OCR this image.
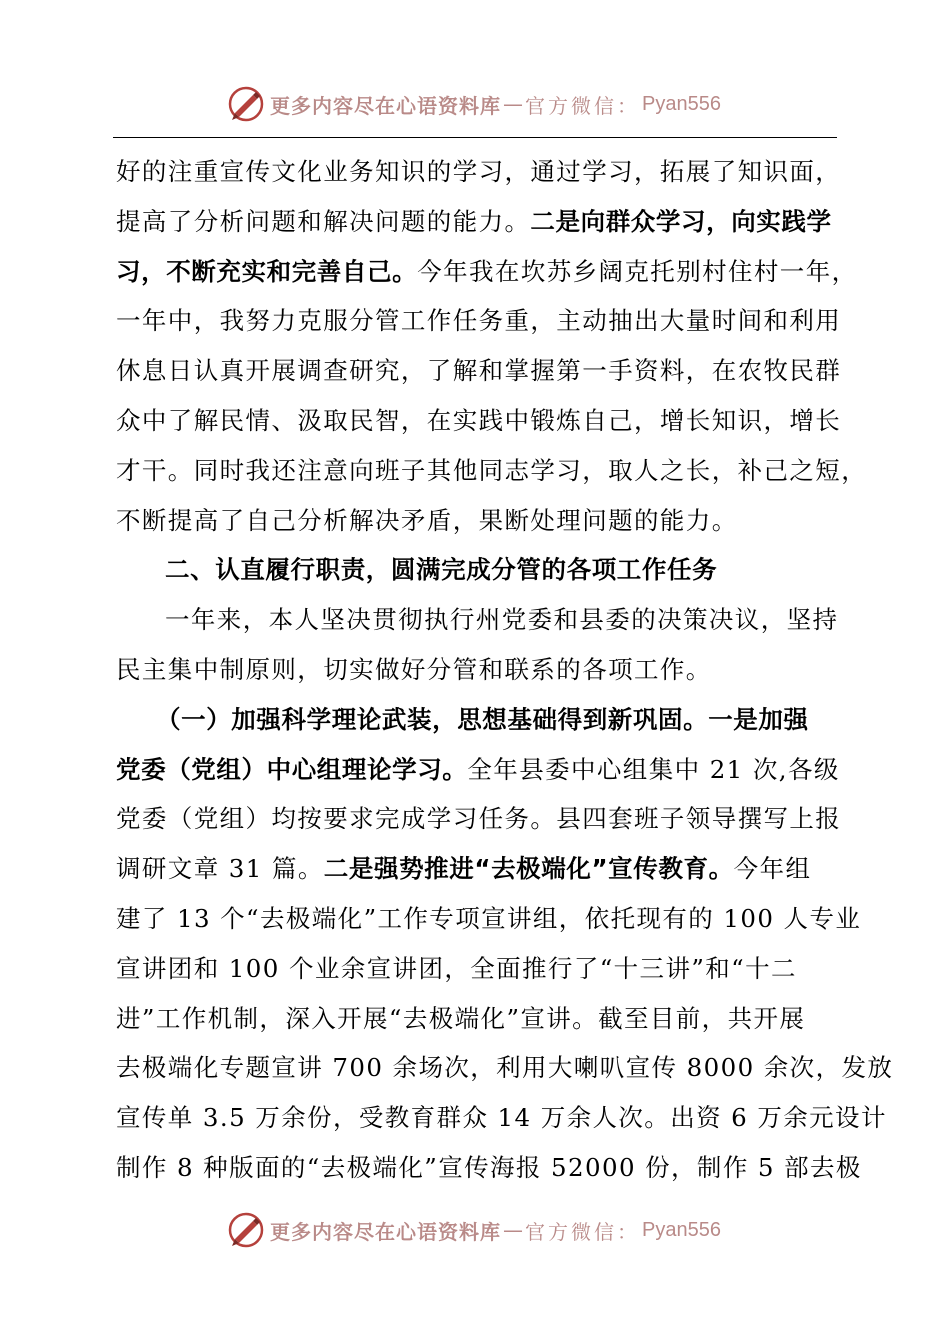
更多内容尽在心语资料库 — 官方微信： Pyan556
好的注重宣传文化业务知识的学习，通过学习，拓展了知识面，
提高了分析问题和解决问题的能力。二是向群众学习，向实践学
习，不断充实和完善自己。今年我在坎苏乡阔克托别村住村一年，
一年中，我努力克服分管工作任务重，主动抽出大量时间和利用
休息日认真开展调查研究，了解和掌握第一手资料，在农牧民群
众中了解民情、汲取民智，在实践中锻炼自己，增长知识，增长
才干。同时我还注意向班子其他同志学习，取人之长，补己之短，
不断提高了自己分析解决矛盾，果断处理问题的能力。
二、认直履行职责，圆满完成分管的各项工作任务
一年来，本人坚决贯彻执行州党委和县委的决策决议，坚持
民主集中制原则，切实做好分管和联系的各项工作。
（一）加强科学理论武装，思想基础得到新巩固。一是加强
党委（党组）中心组理论学习。全年县委中心组集中 21 次,各级
党委（党组）均按要求完成学习任务。县四套班子领导撰写上报
调研文章 31 篇。二是强势推进“去极端化”宣传教育。今年组
建了 13 个“去极端化”工作专项宣讲组，依托现有的 100 人专业
宣讲团和 100 个业余宣讲团，全面推行了“十三讲”和“十二
进”工作机制，深入开展“去极端化”宣讲。截至目前，共开展
去极端化专题宣讲 700 余场次，利用大喇叭宣传 8000 余次，发放
宣传单 3.5 万余份，受教育群众 14 万余人次。出资 6 万余元设计
制作 8 种版面的“去极端化”宣传海报 52000 份，制作 5 部去极
更多内容尽在心语资料库 — 官方微信： Pyan556
